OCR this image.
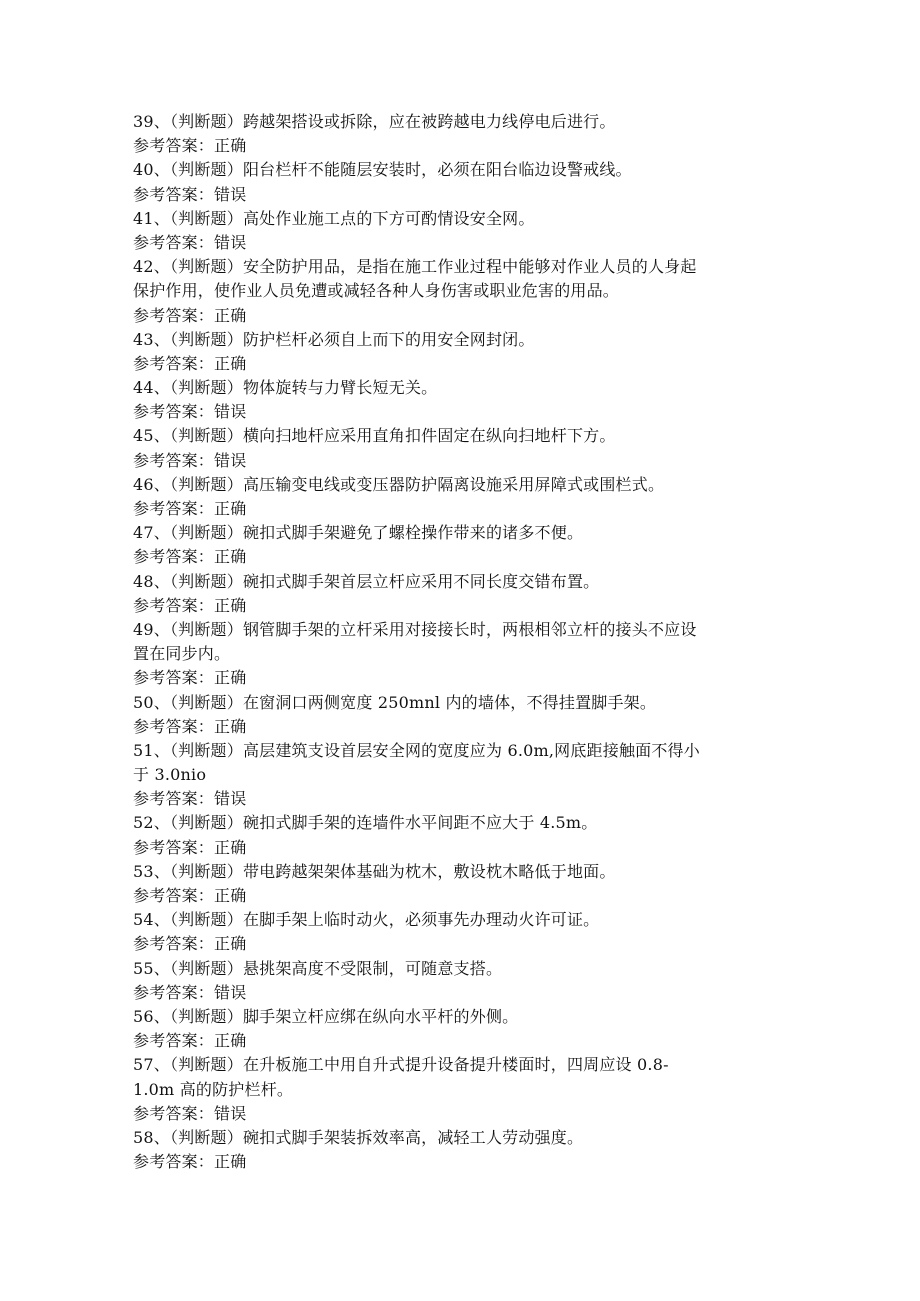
39、（判断题）跨越架搭设或拆除，应在被跨越电力线停电后进行。
参考答案：正确
40、（判断题）阳台栏杆不能随层安装时，必须在阳台临边设警戒线。
参考答案：错误
41、（判断题）高处作业施工点的下方可酌情设安全网。
参考答案：错误
42、（判断题）安全防护用品，是指在施工作业过程中能够对作业人员的人身起
保护作用，使作业人员免遭或减轻各种人身伤害或职业危害的用品。
参考答案：正确
43、（判断题）防护栏杆必须自上而下的用安全网封闭。
参考答案：正确
44、（判断题）物体旋转与力臂长短无关。
参考答案：错误
45、（判断题）横向扫地杆应采用直角扣件固定在纵向扫地杆下方。
参考答案：错误
46、（判断题）高压输变电线或变压器防护隔离设施采用屏障式或围栏式。
参考答案：正确
47、（判断题）碗扣式脚手架避免了螺栓操作带来的诸多不便。
参考答案：正确
48、（判断题）碗扣式脚手架首层立杆应采用不同长度交错布置。
参考答案：正确
49、（判断题）钢管脚手架的立杆采用对接接长时，两根相邻立杆的接头不应设
置在同步内。
参考答案：正确
50、（判断题）在窗洞口两侧宽度 250mnl 内的墙体，不得挂置脚手架。
参考答案：正确
51、（判断题）高层建筑支设首层安全网的宽度应为 6.0m,网底距接触面不得小
于 3.0nio
参考答案：错误
52、（判断题）碗扣式脚手架的连墙件水平间距不应大于 4.5m。
参考答案：正确
53、（判断题）带电跨越架架体基础为枕木，敷设枕木略低于地面。
参考答案：正确
54、（判断题）在脚手架上临时动火，必须事先办理动火许可证。
参考答案：正确
55、（判断题）悬挑架高度不受限制，可随意支搭。
参考答案：错误
56、（判断题）脚手架立杆应绑在纵向水平杆的外侧。
参考答案：正确
57、（判断题）在升板施工中用自升式提升设备提升楼面时，四周应设 0.8-
1.0m 高的防护栏杆。
参考答案：错误
58、（判断题）碗扣式脚手架装拆效率高，减轻工人劳动强度。
参考答案：正确
